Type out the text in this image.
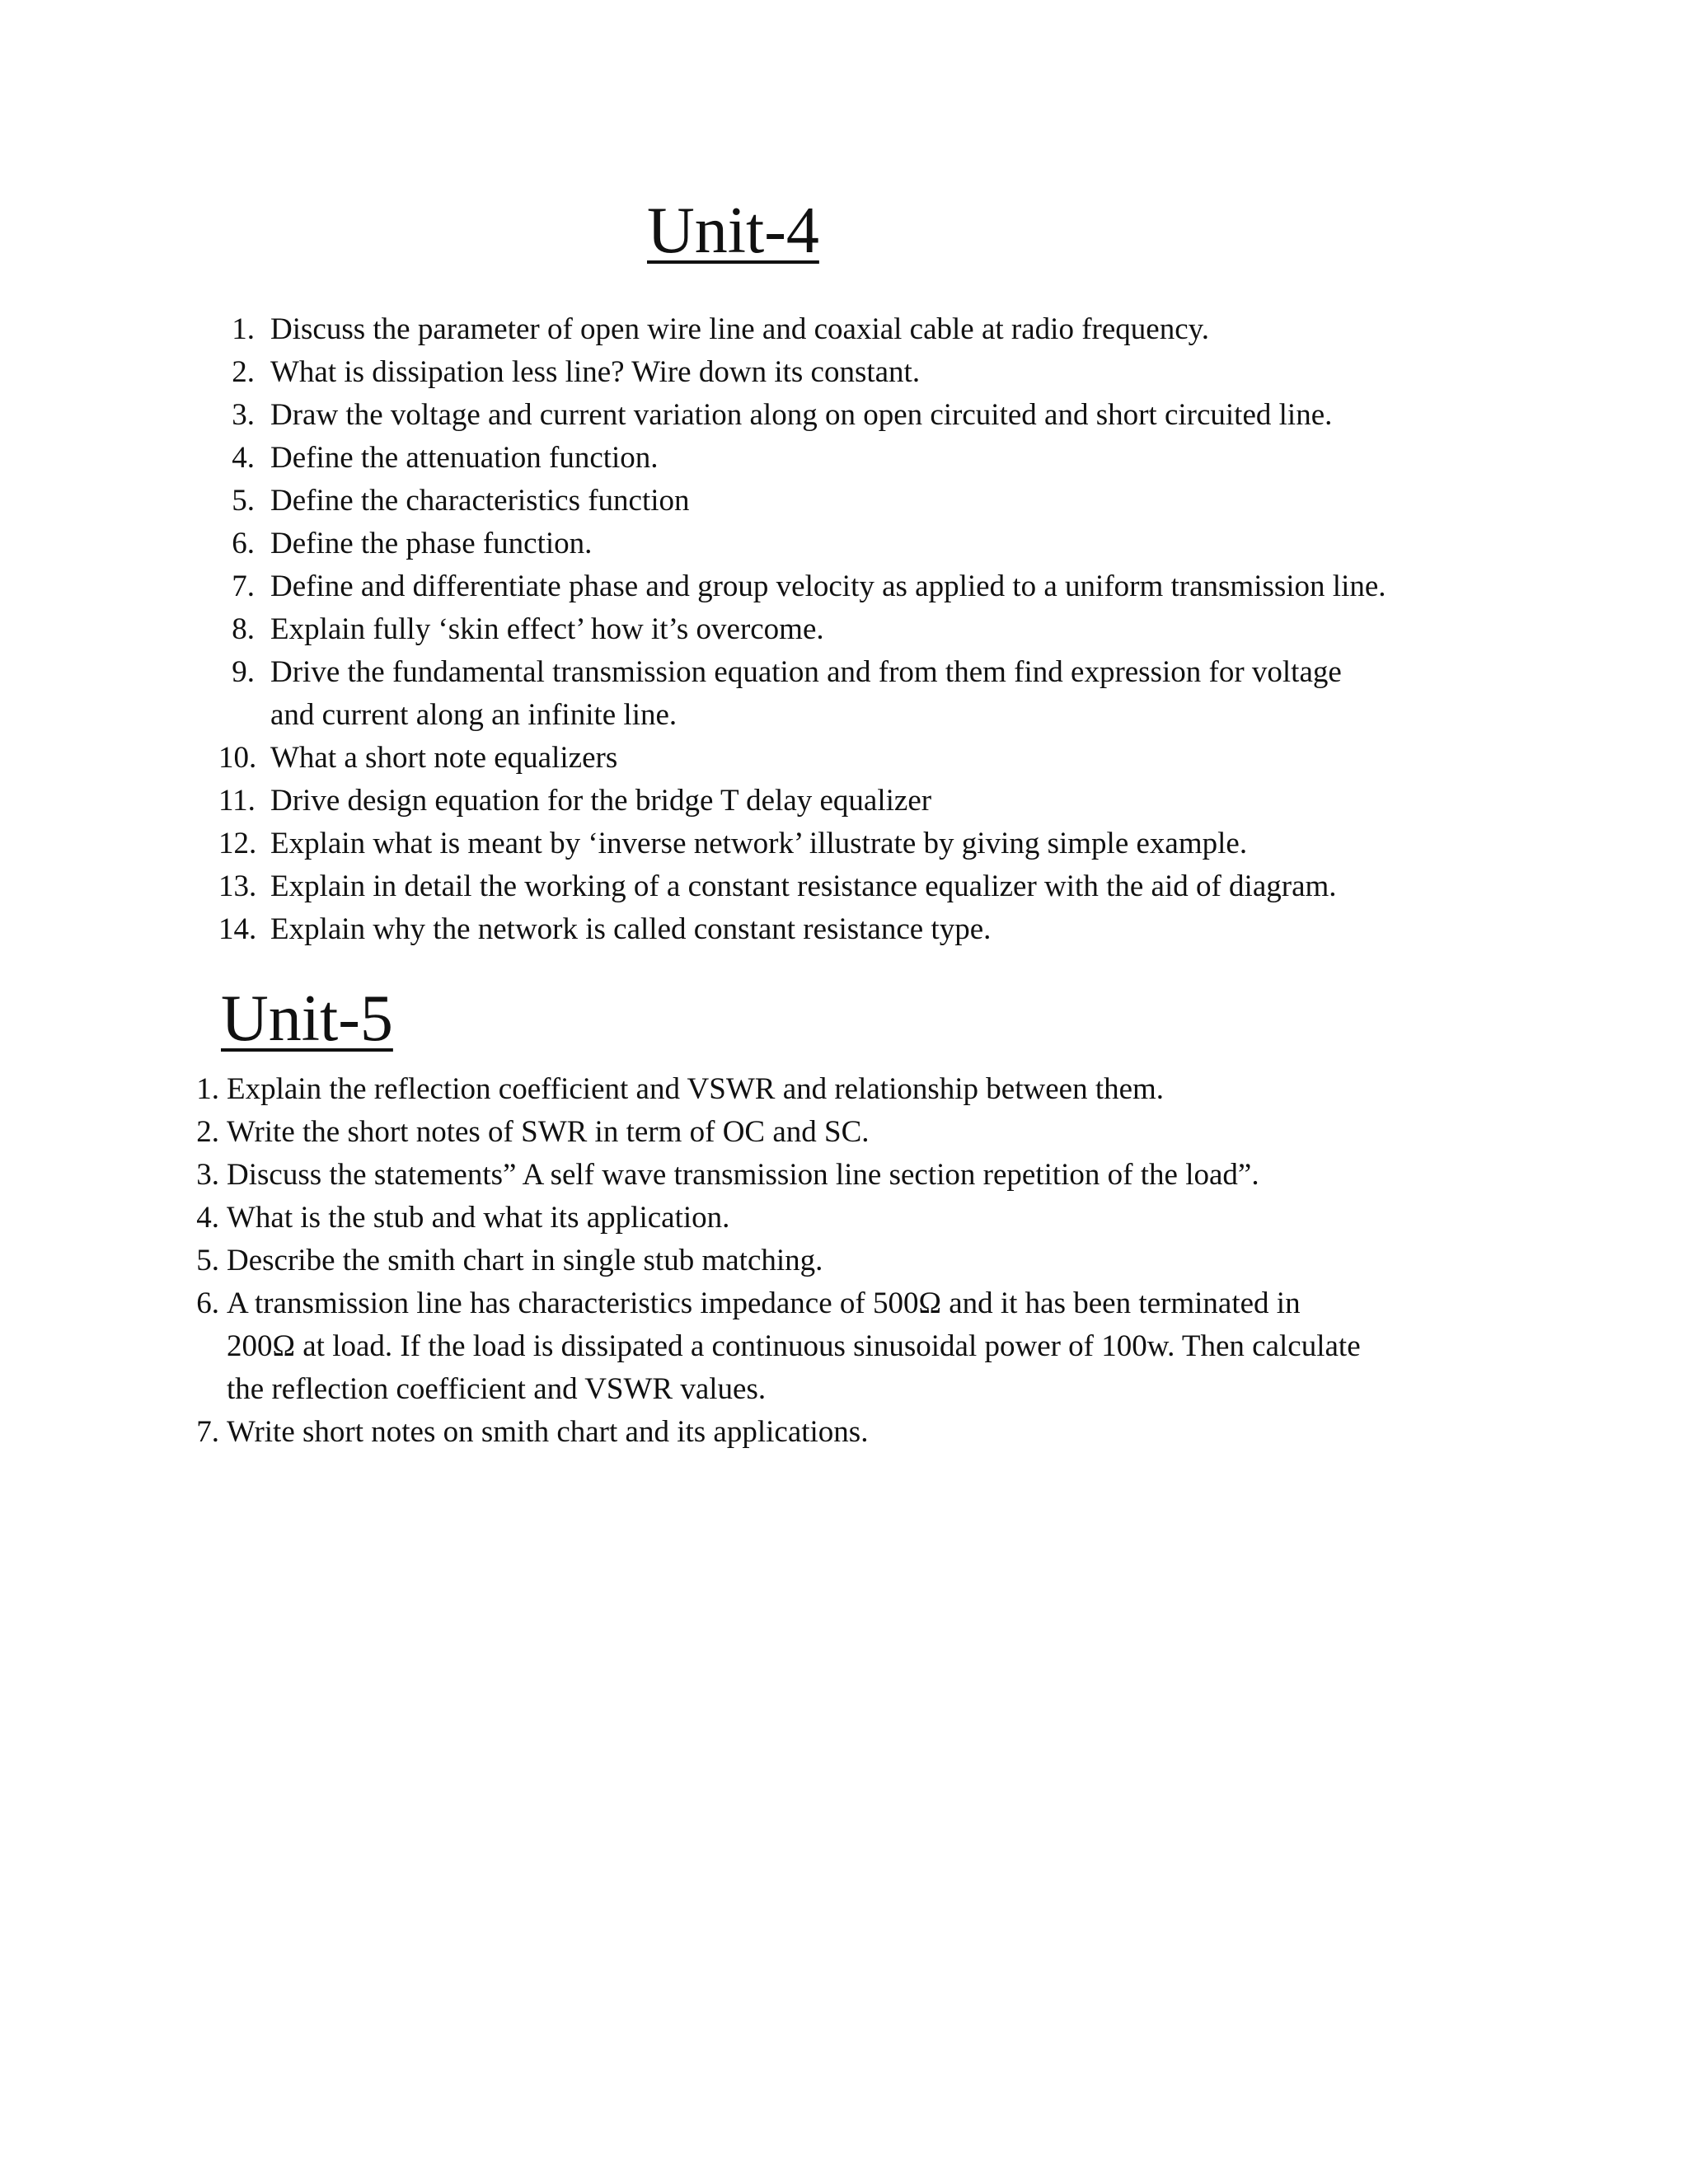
Unit-4
1. Discuss the parameter of open wire line and coaxial cable at radio frequency.
2. What is dissipation less line? Wire down its constant.
3. Draw the voltage and current variation along on open circuited and short circuited line.
4. Define the attenuation function.
5. Define the characteristics function
6. Define the phase function.
7. Define and differentiate phase and group velocity as applied to a uniform transmission line.
8. Explain fully ‘skin effect’ how it’s overcome.
9. Drive the fundamental transmission equation and from them find expression for voltage
and current along an infinite line.
10. What a short note equalizers
11. Drive design equation for the bridge T delay equalizer
12. Explain what is meant by ‘inverse network’ illustrate by giving simple example.
13. Explain in detail the working of a constant resistance equalizer with the aid of diagram.
14. Explain why the network is called constant resistance type.
Unit-5
1. Explain the reflection coefficient and VSWR and relationship between them.
2. Write the short notes of SWR in term of OC and SC.
3. Discuss the statements” A self wave transmission line section repetition of the load”.
4. What is the stub and what its application.
5. Describe the smith chart in single stub matching.
6. A transmission line has characteristics impedance of 500Ω and it has been terminated in
200Ω at load. If the load is dissipated a continuous sinusoidal power of 100w. Then calculate
the reflection coefficient and VSWR values.
7. Write short notes on smith chart and its applications.
